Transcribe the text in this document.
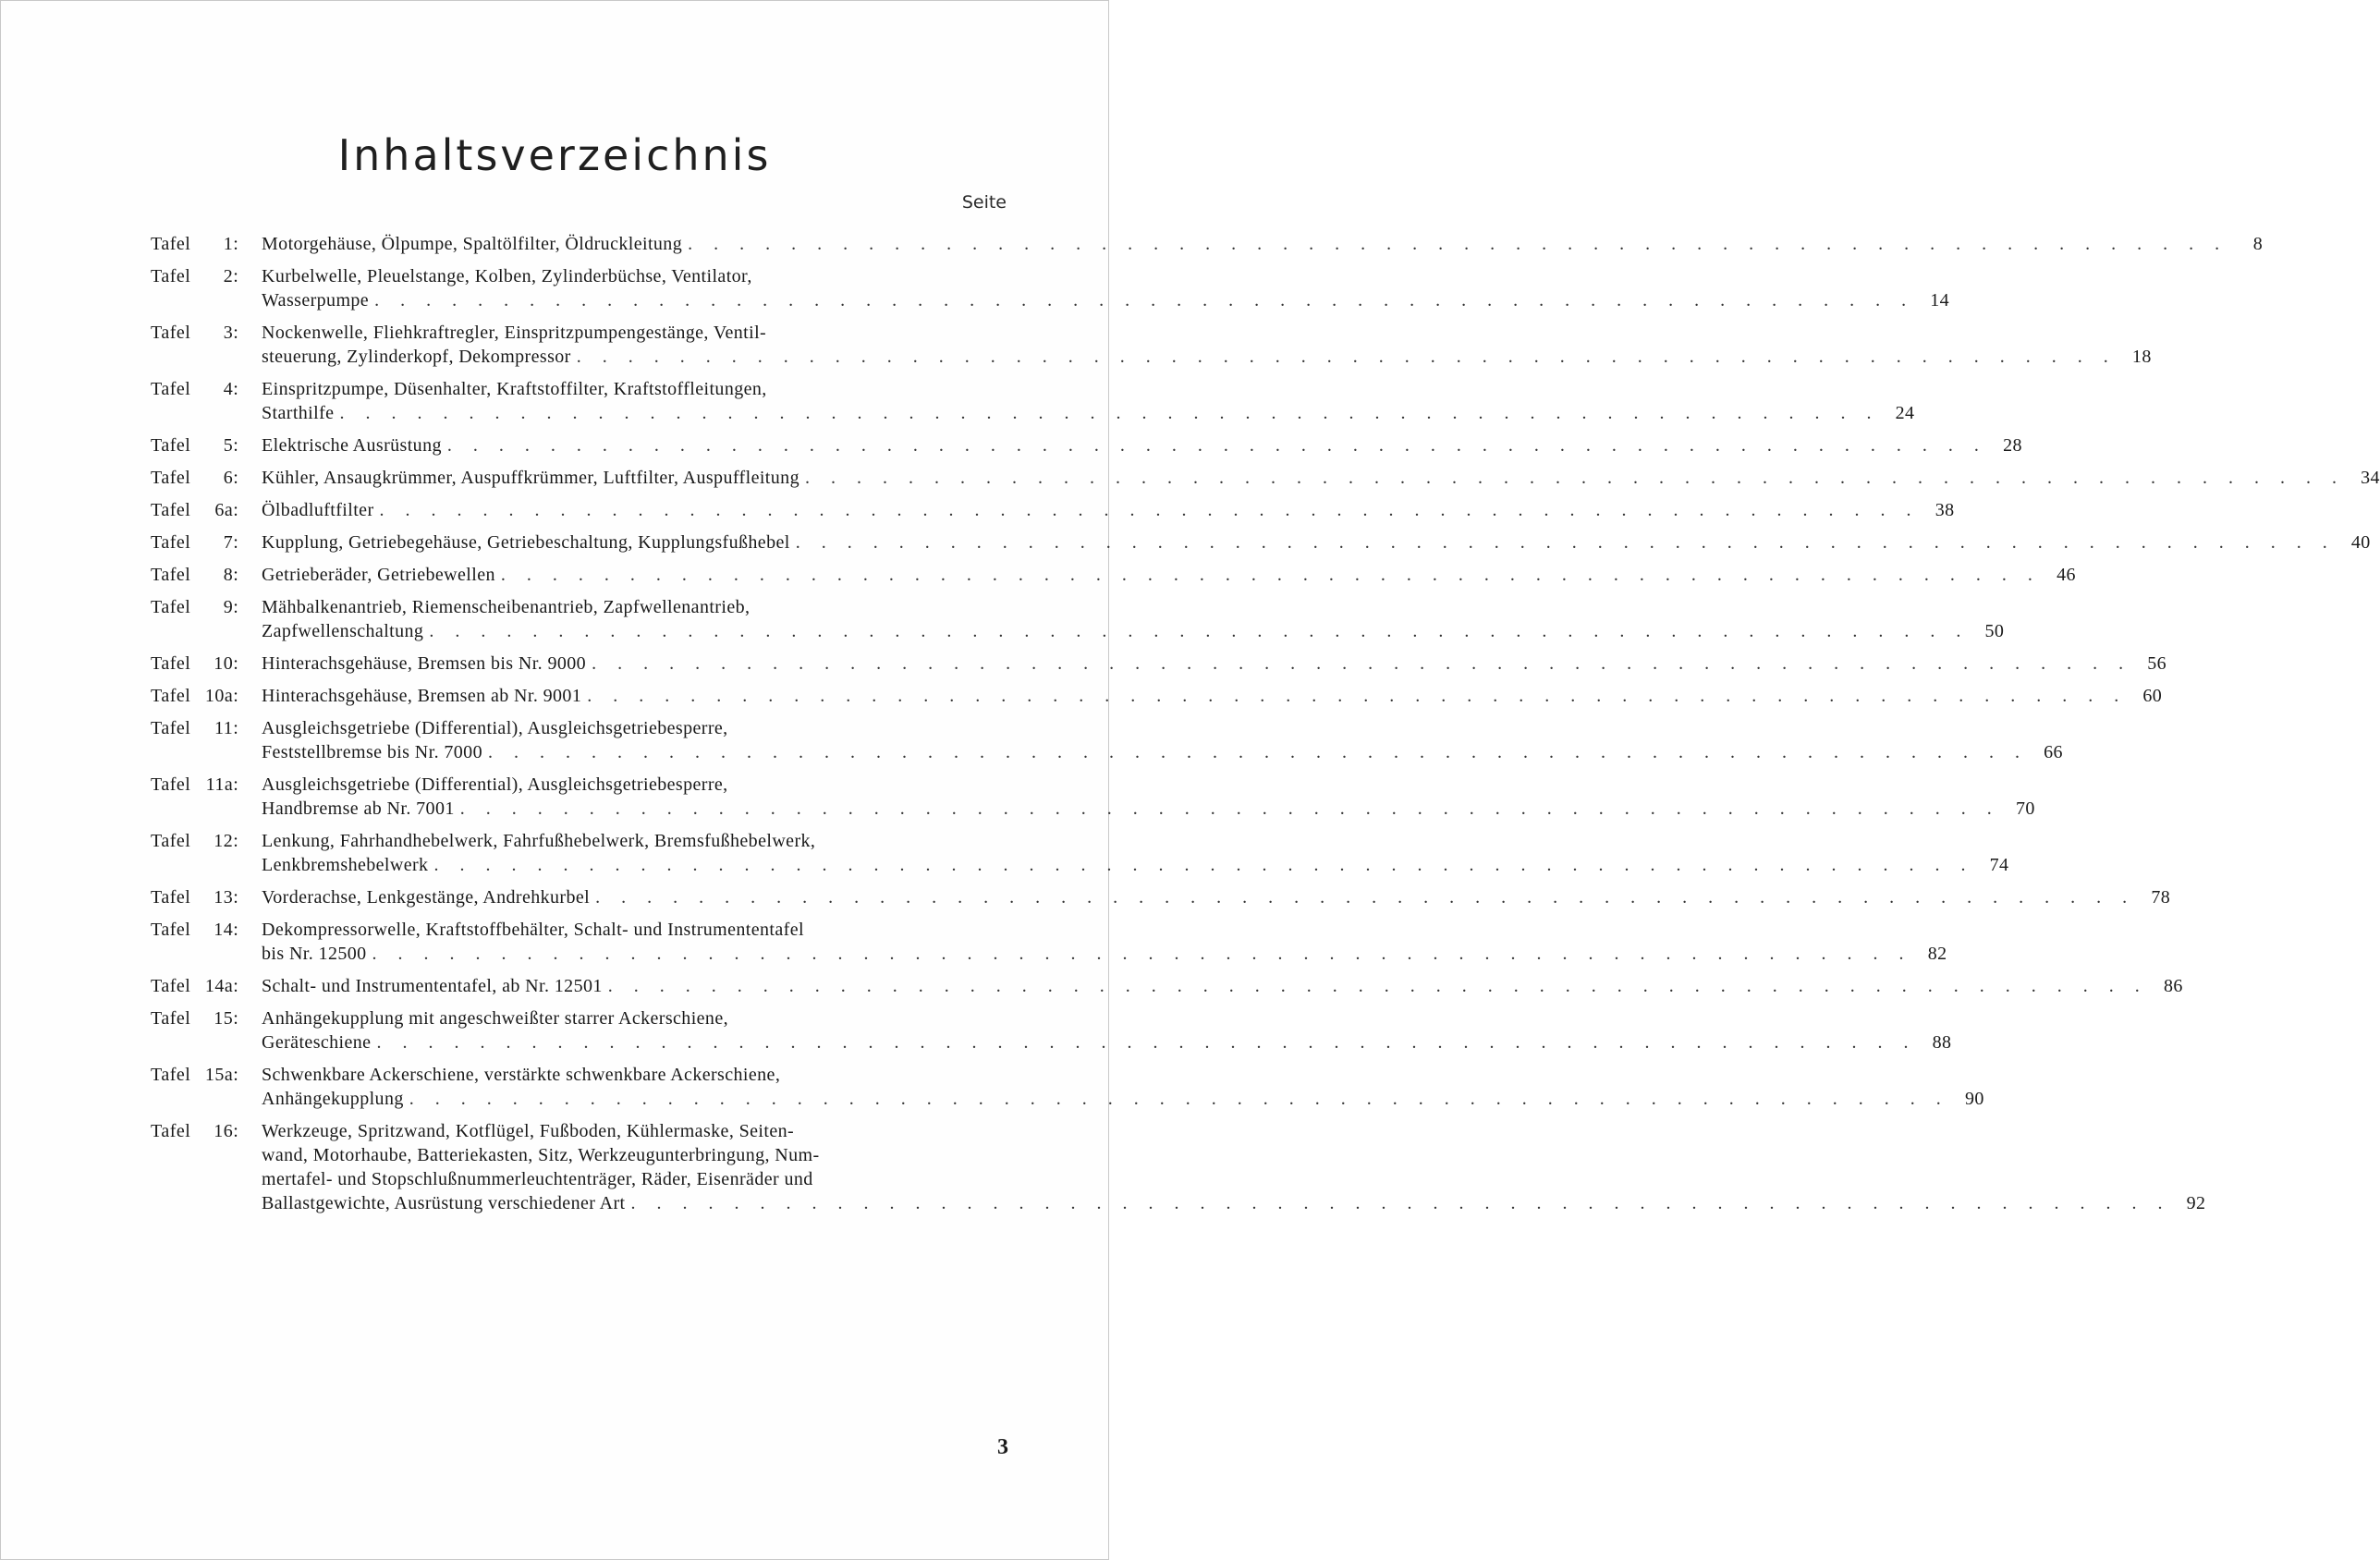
Inhaltsverzeichnis
Seite
Tafel 1:	Motorgehäuse, Ölpumpe, Spaltölfilter, Öldruckleitung . . . . . . . . . . . . . . . . . . . . . . . . . . . . . . . . . . . . . . . . . . . . . . . . . . . . . . . . . . . .	8
Tafel 2:	Kurbelwelle, Pleuelstange, Kolben, Zylinderbüchse, Ventilator,
Wasserpumpe . . . . . . . . . . . . . . . . . . . . . . . . . . . . . . . . . . . . . . . . . . . . . . . . . . . . . . . . . . . . 14
Tafel 3:	Nockenwelle, Fliehkraftregler, Einspritzpumpengestänge, Ventil-
steuerung, Zylinderkopf, Dekompressor . . . . . . . . . . . . . . . . . . . . . . . . . . . . . . . . . . . . . . . . . . . . . . . . . . . . . . . . . . . . 18
Tafel 4:	Einspritzpumpe, Düsenhalter, Kraftstoffilter, Kraftstoffleitungen,
Starthilfe . . . . . . . . . . . . . . . . . . . . . . . . . . . . . . . . . . . . . . . . . . . . . . . . . . . . . . . . . . . . 24
Tafel 5:	Elektrische Ausrüstung . . . . . . . . . . . . . . . . . . . . . . . . . . . . . . . . . . . . . . . . . . . . . . . . . . . . . . . . . . . . 28
Tafel 6:	Kühler, Ansaugkrümmer, Auspuffkrümmer, Luftfilter, Auspuffleitung . . . . . . . . . . . . . . . . . . . . . . . . . . . . . . . . . . . . . . . . . . . . . . . . . . . . . . . . . . . . 34
Tafel 6a:	Ölbadluftfilter . . . . . . . . . . . . . . . . . . . . . . . . . . . . . . . . . . . . . . . . . . . . . . . . . . . . . . . . . . . . 38
Tafel 7:	Kupplung, Getriebegehäuse, Getriebeschaltung, Kupplungsfußhebel . . . . . . . . . . . . . . . . . . . . . . . . . . . . . . . . . . . . . . . . . . . . . . . . . . . . . . . . . . . . 40
Tafel 8:	Getrieberäder, Getriebewellen . . . . . . . . . . . . . . . . . . . . . . . . . . . . . . . . . . . . . . . . . . . . . . . . . . . . . . . . . . . . 46
Tafel 9:	Mähbalkenantrieb, Riemenscheibenantrieb, Zapfwellenantrieb,
Zapfwellenschaltung . . . . . . . . . . . . . . . . . . . . . . . . . . . . . . . . . . . . . . . . . . . . . . . . . . . . . . . . . . . . 50
Tafel 10:	Hinterachsgehäuse, Bremsen bis Nr. 9000 . . . . . . . . . . . . . . . . . . . . . . . . . . . . . . . . . . . . . . . . . . . . . . . . . . . . . . . . . . . . 56
Tafel 10a:	Hinterachsgehäuse, Bremsen ab Nr. 9001 . . . . . . . . . . . . . . . . . . . . . . . . . . . . . . . . . . . . . . . . . . . . . . . . . . . . . . . . . . . . 60
Tafel 11:	Ausgleichsgetriebe (Differential), Ausgleichsgetriebesperre,
Feststellbremse bis Nr. 7000 . . . . . . . . . . . . . . . . . . . . . . . . . . . . . . . . . . . . . . . . . . . . . . . . . . . . . . . . . . . . 66
Tafel 11a:	Ausgleichsgetriebe (Differential), Ausgleichsgetriebesperre,
Handbremse ab Nr. 7001 . . . . . . . . . . . . . . . . . . . . . . . . . . . . . . . . . . . . . . . . . . . . . . . . . . . . . . . . . . . . 70
Tafel 12:	Lenkung, Fahrhandhebelwerk, Fahrfußhebelwerk, Bremsfußhebelwerk,
Lenkbremshebelwerk . . . . . . . . . . . . . . . . . . . . . . . . . . . . . . . . . . . . . . . . . . . . . . . . . . . . . . . . . . . . 74
Tafel 13:	Vorderachse, Lenkgestänge, Andrehkurbel . . . . . . . . . . . . . . . . . . . . . . . . . . . . . . . . . . . . . . . . . . . . . . . . . . . . . . . . . . . . 78
Tafel 14:	Dekompressorwelle, Kraftstoffbehälter, Schalt- und Instrumententafel
bis Nr. 12500 . . . . . . . . . . . . . . . . . . . . . . . . . . . . . . . . . . . . . . . . . . . . . . . . . . . . . . . . . . . . 82
Tafel 14a:	Schalt- und Instrumententafel, ab Nr. 12501 . . . . . . . . . . . . . . . . . . . . . . . . . . . . . . . . . . . . . . . . . . . . . . . . . . . . . . . . . . . . 86
Tafel 15:	Anhängekupplung mit angeschweißter starrer Ackerschiene,
Geräteschiene . . . . . . . . . . . . . . . . . . . . . . . . . . . . . . . . . . . . . . . . . . . . . . . . . . . . . . . . . . . . 88
Tafel 15a:	Schwenkbare Ackerschiene, verstärkte schwenkbare Ackerschiene,
Anhängekupplung . . . . . . . . . . . . . . . . . . . . . . . . . . . . . . . . . . . . . . . . . . . . . . . . . . . . . . . . . . . . 90
Tafel 16:	Werkzeuge, Spritzwand, Kotflügel, Fußboden, Kühlermaske, Seiten-
wand, Motorhaube, Batteriekasten, Sitz, Werkzeugunterbringung, Num-
mertafel- und Stopschlußnummerleuchtenträger, Räder, Eisenräder und
Ballastgewichte, Ausrüstung verschiedener Art . . . . . . . . . . . . . . . . . . . . . . . . . . . . . . . . . . . . . . . . . . . . . . . . . . . . . . . . . . . . 92
3
